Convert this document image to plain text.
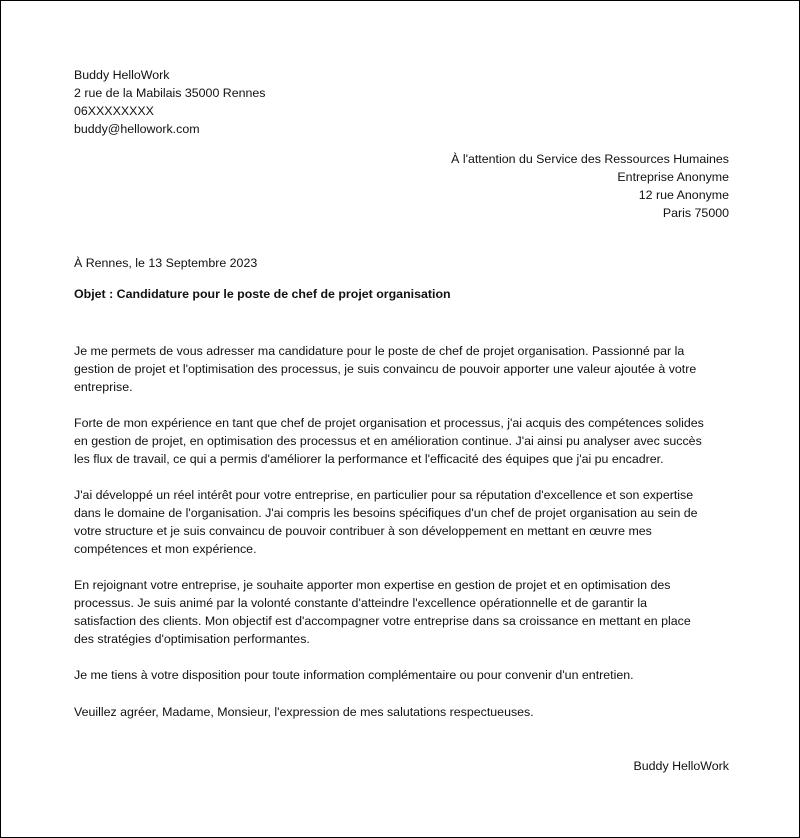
Buddy HelloWork
2 rue de la Mabilais 35000 Rennes
06XXXXXXXX
buddy@hellowork.com
À l'attention du Service des Ressources Humaines
Entreprise Anonyme
12 rue Anonyme
Paris 75000
À Rennes, le 13 Septembre 2023
Objet : Candidature pour le poste de chef de projet organisation
Je me permets de vous adresser ma candidature pour le poste de chef de projet organisation. Passionné par la
gestion de projet et l'optimisation des processus, je suis convaincu de pouvoir apporter une valeur ajoutée à votre
entreprise.
Forte de mon expérience en tant que chef de projet organisation et processus, j'ai acquis des compétences solides
en gestion de projet, en optimisation des processus et en amélioration continue. J'ai ainsi pu analyser avec succès
les flux de travail, ce qui a permis d'améliorer la performance et l'efficacité des équipes que j'ai pu encadrer.
J'ai développé un réel intérêt pour votre entreprise, en particulier pour sa réputation d'excellence et son expertise
dans le domaine de l'organisation. J'ai compris les besoins spécifiques d'un chef de projet organisation au sein de
votre structure et je suis convaincu de pouvoir contribuer à son développement en mettant en œuvre mes
compétences et mon expérience.
En rejoignant votre entreprise, je souhaite apporter mon expertise en gestion de projet et en optimisation des
processus. Je suis animé par la volonté constante d'atteindre l'excellence opérationnelle et de garantir la
satisfaction des clients. Mon objectif est d'accompagner votre entreprise dans sa croissance en mettant en place
des stratégies d'optimisation performantes.
Je me tiens à votre disposition pour toute information complémentaire ou pour convenir d'un entretien.
Veuillez agréer, Madame, Monsieur, l'expression de mes salutations respectueuses.
Buddy HelloWork
